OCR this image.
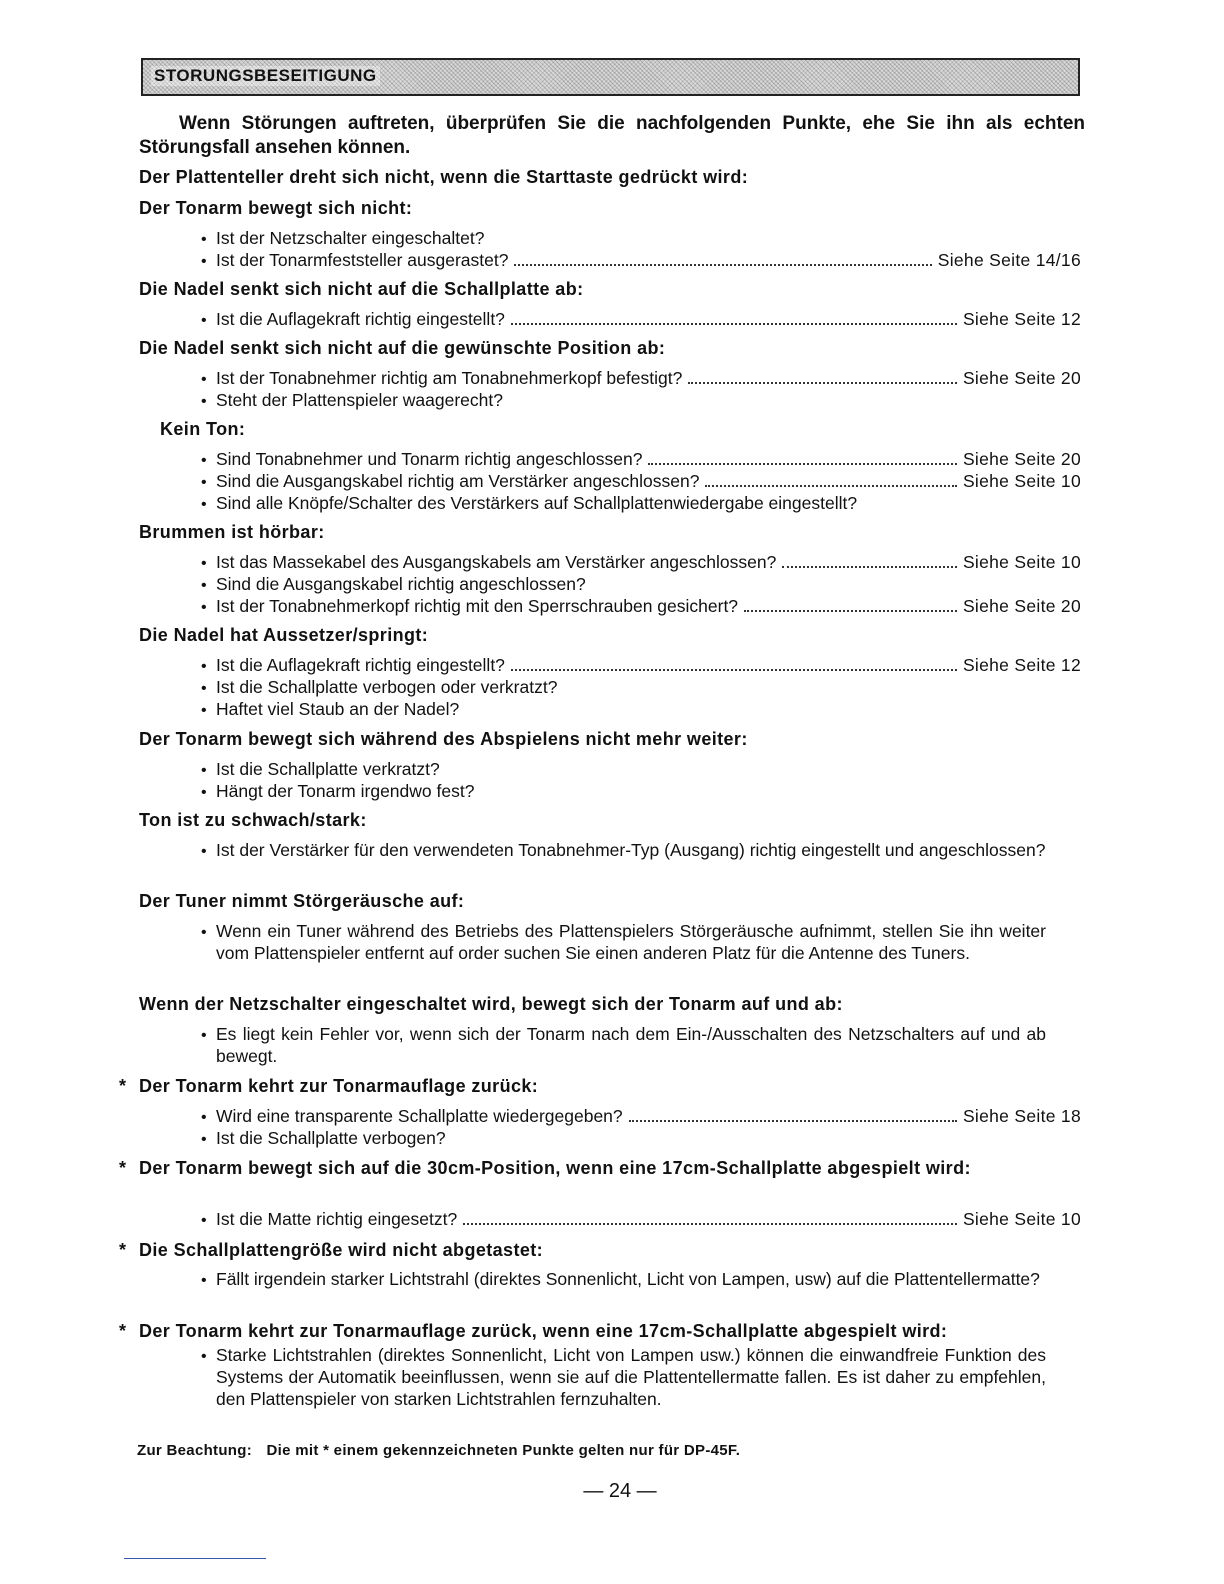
STORUNGSBESEITIGUNG
Wenn Störungen auftreten, überprüfen Sie die nachfolgenden Punkte, ehe Sie ihn als echten Störungsfall ansehen können.
Der Plattenteller dreht sich nicht, wenn die Starttaste gedrückt wird:
Der Tonarm bewegt sich nicht:
• Ist der Netzschalter eingeschaltet?
• Ist der Tonarmfeststeller ausgerastet?	Siehe Seite 14/16
Die Nadel senkt sich nicht auf die Schallplatte ab:
• Ist die Auflagekraft richtig eingestellt?	Siehe Seite 12
Die Nadel senkt sich nicht auf die gewünschte Position ab:
• Ist der Tonabnehmer richtig am Tonabnehmerkopf befestigt?	Siehe Seite 20
• Steht der Plattenspieler waagerecht?
Kein Ton:
• Sind Tonabnehmer und Tonarm richtig angeschlossen?	Siehe Seite 20
• Sind die Ausgangskabel richtig am Verstärker angeschlossen?	Siehe Seite 10
• Sind alle Knöpfe/Schalter des Verstärkers auf Schallplattenwiedergabe eingestellt?
Brummen ist hörbar:
• Ist das Massekabel des Ausgangskabels am Verstärker angeschlossen?	Siehe Seite 10
• Sind die Ausgangskabel richtig angeschlossen?
• Ist der Tonabnehmerkopf richtig mit den Sperrschrauben gesichert?	Siehe Seite 20
Die Nadel hat Aussetzer/springt:
• Ist die Auflagekraft richtig eingestellt?	Siehe Seite 12
• Ist die Schallplatte verbogen oder verkratzt?
• Haftet viel Staub an der Nadel?
Der Tonarm bewegt sich während des Abspielens nicht mehr weiter:
• Ist die Schallplatte verkratzt?
• Hängt der Tonarm irgendwo fest?
Ton ist zu schwach/stark:
• Ist der Verstärker für den verwendeten Tonabnehmer-Typ (Ausgang) richtig eingestellt und angeschlossen?
Der Tuner nimmt Störgeräusche auf:
• Wenn ein Tuner während des Betriebs des Plattenspielers Störgeräusche aufnimmt, stellen Sie ihn weiter vom Plattenspieler entfernt auf order suchen Sie einen anderen Platz für die Antenne des Tuners.
Wenn der Netzschalter eingeschaltet wird, bewegt sich der Tonarm auf und ab:
• Es liegt kein Fehler vor, wenn sich der Tonarm nach dem Ein-/Ausschalten des Netzschalters auf und ab bewegt.
* Der Tonarm kehrt zur Tonarmauflage zurück:
• Wird eine transparente Schallplatte wiedergegeben?	Siehe Seite 18
• Ist die Schallplatte verbogen?
* Der Tonarm bewegt sich auf die 30cm-Position, wenn eine 17cm-Schallplatte abgespielt wird:
• Ist die Matte richtig eingesetzt?	Siehe Seite 10
* Die Schallplattengröße wird nicht abgetastet:
• Fällt irgendein starker Lichtstrahl (direktes Sonnenlicht, Licht von Lampen, usw) auf die Plattentellermatte?
* Der Tonarm kehrt zur Tonarmauflage zurück, wenn eine 17cm-Schallplatte abgespielt wird:
• Starke Lichtstrahlen (direktes Sonnenlicht, Licht von Lampen usw.) können die einwandfreie Funktion des Systems der Automatik beeinflussen, wenn sie auf die Plattentellermatte fallen. Es ist daher zu empfehlen, den Plattenspieler von starken Lichtstrahlen fernzuhalten.
Zur Beachtung: Die mit * einem gekennzeichneten Punkte gelten nur für DP-45F.
— 24 —
